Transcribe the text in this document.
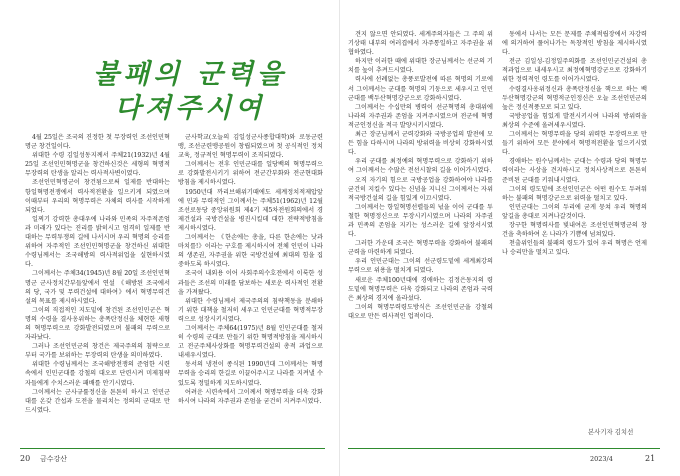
불패의 군력을
다져주시여

4월 25일은 조국의 진정한 첫 무장력인 조선인민혁명군 창건일이다.

위대한 수령 김일성동지께서 주체21(1932)년 4월 25일 조선인민혁명군을 창건하신것은 세형의 혁명적무장력의 탄생을 알리는 력사적사변이였다.

조선인민혁명군이 창건됨으로써 일제를 반대하는 항일혁명전쟁에서 력사적전환을 일으키게 되였으며 이때부터 우리의 혁명무력은 자체의 력사를 시작하게 되었다.

일찌기 강력한 총대우에 나라와 민족의 자주적존엄과 미래가 있다는 진리를 밝히시고 엄격히 일제를 반대하는 무력투쟁의 길에 나서시며 우리 혁명의 승리를 위하여 자주적인 조선인민혁명군을 창건하신 위대한 수령님께서는 조국해방의 력사적위업을 실현하시였다.

그이께서는 주체34(1945)년 8월 20일 조선인민혁명군 군사정치간부들앞에서 연설 《해방된 조국에서의 당, 국가 및 무력건설에 대하여》에서 혁명무력건설의 목표를 제시하시였다.

그이의 직접적인 지도밑에 창건된 조선인민군은 혁명의 수령을 결사옹위하는 총폭탄정신을 체현한 새형의 혁명무력으로 강화발전되였으며 불패의 무력으로 자라났다.

그러나 조선인민군의 창건은 제국주의의 침략으로부터 국가를 보위하는 무장력의 탄생을 의미하였다.

위대한 수령님께서는 조국해방전쟁의 준엄한 시련속에서 인민군대를 강철의 대오로 단련시켜 미제침략자들에게 수치스러운 패배를 안기시였다.

그이께서는 군사규률정신을 튼튼히 하시고 인민군대를 온갖 간섭과 도전을 물리치는 정의의 군대로 만드시였다.

군사학교(오늘의 김일성군사종합대학)와 로동군련맹, 조선군련맹공원이 창립되였으며 첫 공식적인 정치교육, 정규적인 혁명무력이 조직되였다.

그이께서는 전후 인민군대를 일당백의 혁명무력으로 강화발전시키기 위하여 전군간부화와 전군현대화 방침을 제시하시였다.

1950년대 까리브해위기때에도 세계정치적제압앞에 민과 무력적인 그이께서는 주체51(1962)년 12월 조선로동당 중앙위원회 제4기 제5차전원회의에서 경제건설과 국방건설을 병진시킬데 대한 전략적방침을 제시하시였다.

그이께서는 《한손에는 총을, 다른 한손에는 낫과 마치를!》이라는 구호를 제시하시여 전체 인민이 나라의 생존권, 자주권을 위한 국방건설에 최대의 힘을 집중하도록 하시였다.

조국이 내외용 이어 사회주의수호전에서 이룩한 성과들은 조선의 미래를 담보하는 새로운 력사적인 전환을 가져왔다.

위대한 수령님께서 제국주의의 침략책동을 분쇄하기 위한 대책을 철저히 세우고 인민군대를 혁명적무장력으로 성장시키시였다.

그이께서는 주체64(1975)년 8월 인민군대를 철저히 수령의 군대로 만들기 위한 혁명적방침을 제시하시고 전군주체사상화를 혁명무력건설의 총적 과업으로 내세우시였다.

동서의 냉전이 종식된 1990년대 그이께서는 혁명무력을 승리의 한길로 이끌어주시고 나라를 지켜낼 수 있도록 정밀하게 지도하시였다.

어려운 시련속에서 그이께서 혁명무력을 더욱 강화하시여 나라의 자주권과 존엄을 굳건히 지켜주시였다.

20 금수강산

견지 않으면 안되였다. 세계주의자들은 그 주의 위기상태 내부의 여러겹에서 자주통일하고 자주권을 위협하였다.

하지만 이러한 때에 위대한 장군님께서는 선군의 기치를 높이 추켜드시였다.

력사에 선례없는 총풍로발전에 따른 혁명의 기로에서 그이께서는 군대를 혁명의 기둥으로 세우시고 인민군대를 백두산혁명강군으로 강화하시였다.

그이께서는 수십만의 병력이 선군혁명의 총대위에 나라의 자주권과 존엄을 지켜주시였으며 전군에 혁명적군인정신을 적극 발양시키시였다.

최근 장군님께서 군력강화와 국방공업의 발전에 모든 힘을 다하시며 나라의 방위력을 비상히 강화하시였다.

우리 군대를 최정예의 혁명무력으로 강화하기 위하여 그이께서는 수많은 전선시찰의 길을 이어가시였다.

오직 자기의 힘으로 국방공업을 강화하여야 나라를 굳건히 지킬수 있다는 신념을 지니신 그이께서는 자위적국방건설의 길을 힘있게 이끄시였다.

그이께서는 항일혁명선렬들의 넋을 이어 군대를 투철한 혁명정신으로 무장시키시였으며 나라의 자주권과 민족의 존엄을 지키는 성스러운 길에 앞장서시였다.

그러한 가운데 조국은 혁명무력을 강화하여 불패의 군력을 마련하게 되였다.

우리 인민군대는 그이의 선군령도밑에 세계최강의 무력으로 위용을 떨치게 되였다.

새로운 주체100년대에 경애하는 김정은동지의 령도밑에 혁명무력은 더욱 강화되고 나라의 존엄과 국력은 최상의 경지에 올라섰다.

그이의 혁명무력령도방식은 조선인민군을 강철의 대오로 만든 력사적인 업적이다.

동에서 나서는 모든 문제를 주체적립장에서 자강력에 의거하여 풀어나가는 독창적인 방침을 제시하시였다.

전군 김일성-김정일주의화를 조선인민군건설의 총적과업으로 내세우시고 최정예혁명강군으로 강화하기 위한 정력적인 령도를 이어가시였다.

수령결사옹위정신과 총폭탄정신을 핵으로 하는 백두산혁명강군의 혁명적군인정신은 오늘 조선인민군의 높은 정신적풍모로 되고 있다.

국방공업을 힘있게 발전시키시여 나라의 방위력을 최상의 수준에 올려세우시였다.

그이께서는 혁명무력을 당의 위력한 무장력으로 만들기 위하여 모든 분야에서 혁명적전환을 일으키시였다.

경애하는 원수님께서는 군대는 수령과 당의 혁명무력이라는 사상을 견지하시고 정치사상적으로 튼튼히 준비된 군대를 키워내시였다.

그이의 령도밑에 조선인민군은 어떤 원수도 두려워하는 불패의 혁명강군으로 위력을 떨치고 있다.

인민군대는 그이의 두리에 굳게 뭉쳐 우리 혁명의 앞길을 총대로 지켜나갈것이다.

장구한 혁명력사를 빛내여온 조선인민혁명군의 창건을 축하하여 온 나라가 기쁨에 넘쳐있다.

천출위인들의 불패의 령도가 있어 우리 혁명은 언제나 승리만을 떨치고 있다.

본사기자 김치선
2023/4	21
